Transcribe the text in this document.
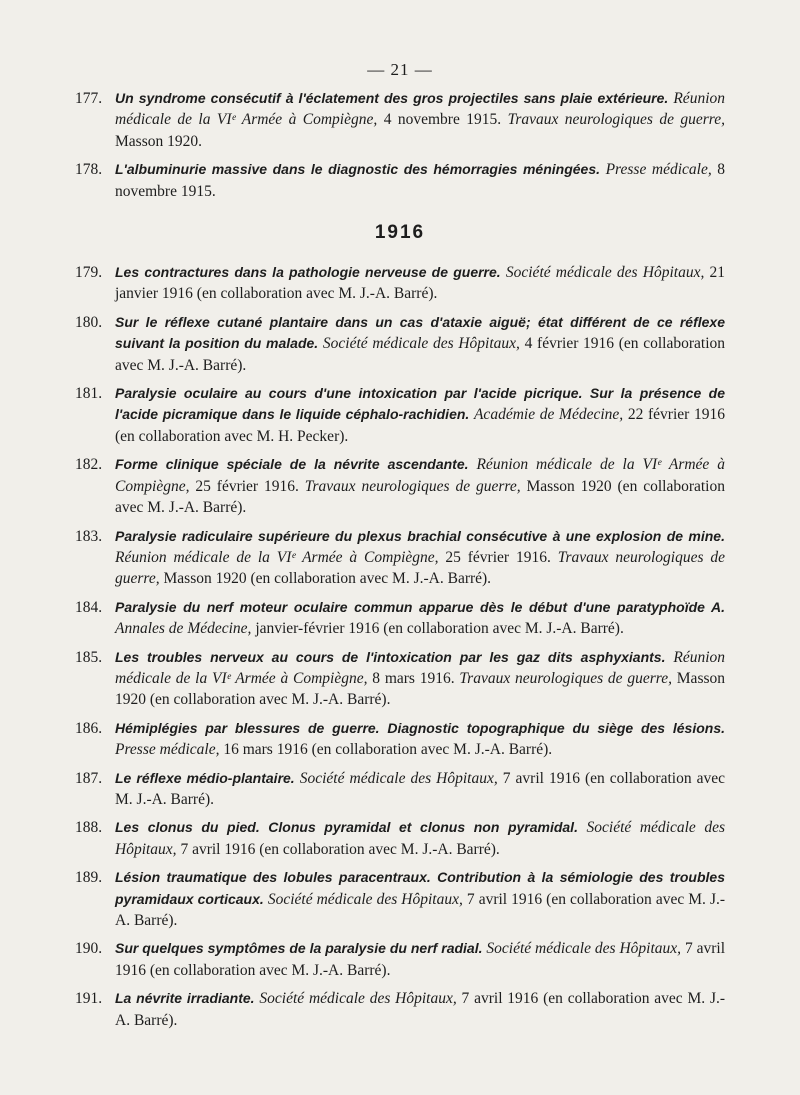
— 21 —
177. Un syndrome consécutif à l'éclatement des gros projectiles sans plaie extérieure. Réunion médicale de la VIᵉ Armée à Compiègne, 4 novembre 1915. Travaux neurologiques de guerre, Masson 1920.
178. L'albuminurie massive dans le diagnostic des hémorragies méningées. Presse médicale, 8 novembre 1915.
1916
179. Les contractures dans la pathologie nerveuse de guerre. Société médicale des Hôpitaux, 21 janvier 1916 (en collaboration avec M. J.-A. Barré).
180. Sur le réflexe cutané plantaire dans un cas d'ataxie aiguë; état différent de ce réflexe suivant la position du malade. Société médicale des Hôpitaux, 4 février 1916 (en collaboration avec M. J.-A. Barré).
181. Paralysie oculaire au cours d'une intoxication par l'acide picrique. Sur la présence de l'acide picramique dans le liquide céphalo-rachidien. Académie de Médecine, 22 février 1916 (en collaboration avec M. H. Pecker).
182. Forme clinique spéciale de la névrite ascendante. Réunion médicale de la VIᵉ Armée à Compiègne, 25 février 1916. Travaux neurologiques de guerre, Masson 1920 (en collaboration avec M. J.-A. Barré).
183. Paralysie radiculaire supérieure du plexus brachial consécutive à une explosion de mine. Réunion médicale de la VIᵉ Armée à Compiègne, 25 février 1916. Travaux neurologiques de guerre, Masson 1920 (en collaboration avec M. J.-A. Barré).
184. Paralysie du nerf moteur oculaire commun apparue dès le début d'une paratyphoïde A. Annales de Médecine, janvier-février 1916 (en collaboration avec M. J.-A. Barré).
185. Les troubles nerveux au cours de l'intoxication par les gaz dits asphyxiants. Réunion médicale de la VIᵉ Armée à Compiègne, 8 mars 1916. Travaux neurologiques de guerre, Masson 1920 (en collaboration avec M. J.-A. Barré).
186. Hémiplégies par blessures de guerre. Diagnostic topographique du siège des lésions. Presse médicale, 16 mars 1916 (en collaboration avec M. J.-A. Barré).
187. Le réflexe médio-plantaire. Société médicale des Hôpitaux, 7 avril 1916 (en collaboration avec M. J.-A. Barré).
188. Les clonus du pied. Clonus pyramidal et clonus non pyramidal. Société médicale des Hôpitaux, 7 avril 1916 (en collaboration avec M. J.-A. Barré).
189. Lésion traumatique des lobules paracentraux. Contribution à la sémiologie des troubles pyramidaux corticaux. Société médicale des Hôpitaux, 7 avril 1916 (en collaboration avec M. J.-A. Barré).
190. Sur quelques symptômes de la paralysie du nerf radial. Société médicale des Hôpitaux, 7 avril 1916 (en collaboration avec M. J.-A. Barré).
191. La névrite irradiante. Société médicale des Hôpitaux, 7 avril 1916 (en collaboration avec M. J.-A. Barré).
